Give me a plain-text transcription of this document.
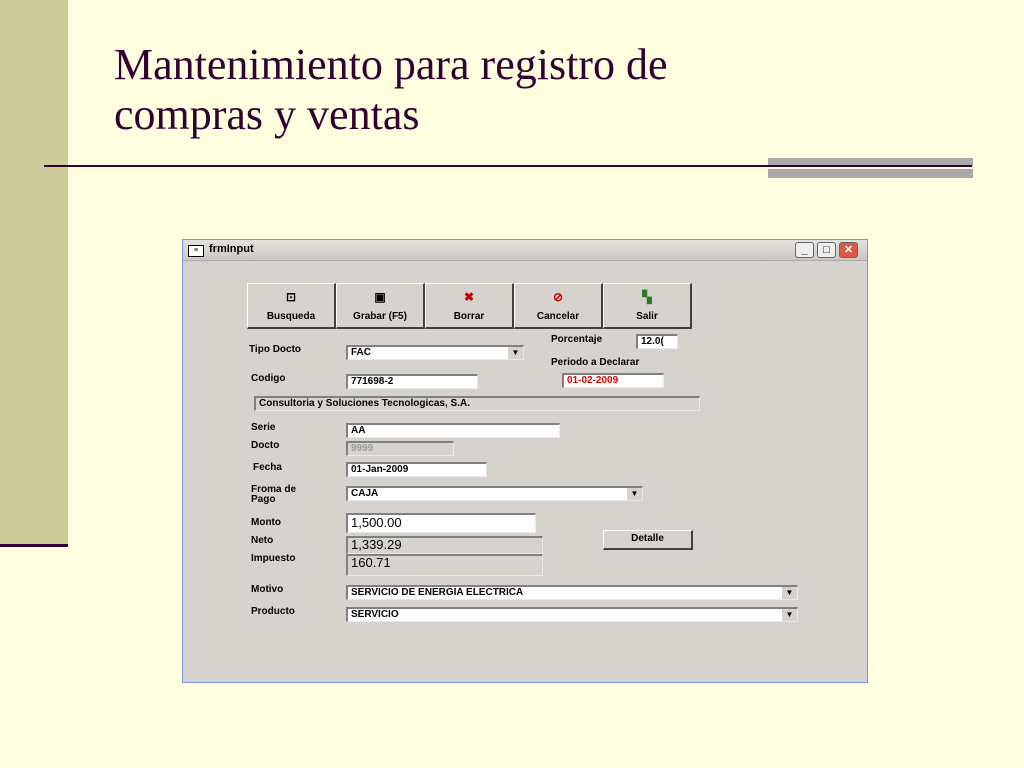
Mantenimiento para registro de
compras y ventas
≡ frmInput	_	□	✕
⊡
Busqueda
▣
Grabar (F5)
✖
Borrar
⊘
Cancelar
▚
Salir
Tipo Docto	FAC	▼
Porcentaje	12.0(
Periodo a Declarar
01-02-2009
Codigo	771698-2
Consultoria y Soluciones Tecnologicas, S.A.
Serie	AA
Docto	9999
Fecha	01-Jan-2009
Froma de
Pago
CAJA	▼
Monto	1,500.00
Neto	1,339.29
Impuesto	160.71
Detalle
Motivo	SERVICIO DE ENERGIA ELECTRICA	▼
Producto	SERVICIO	▼
